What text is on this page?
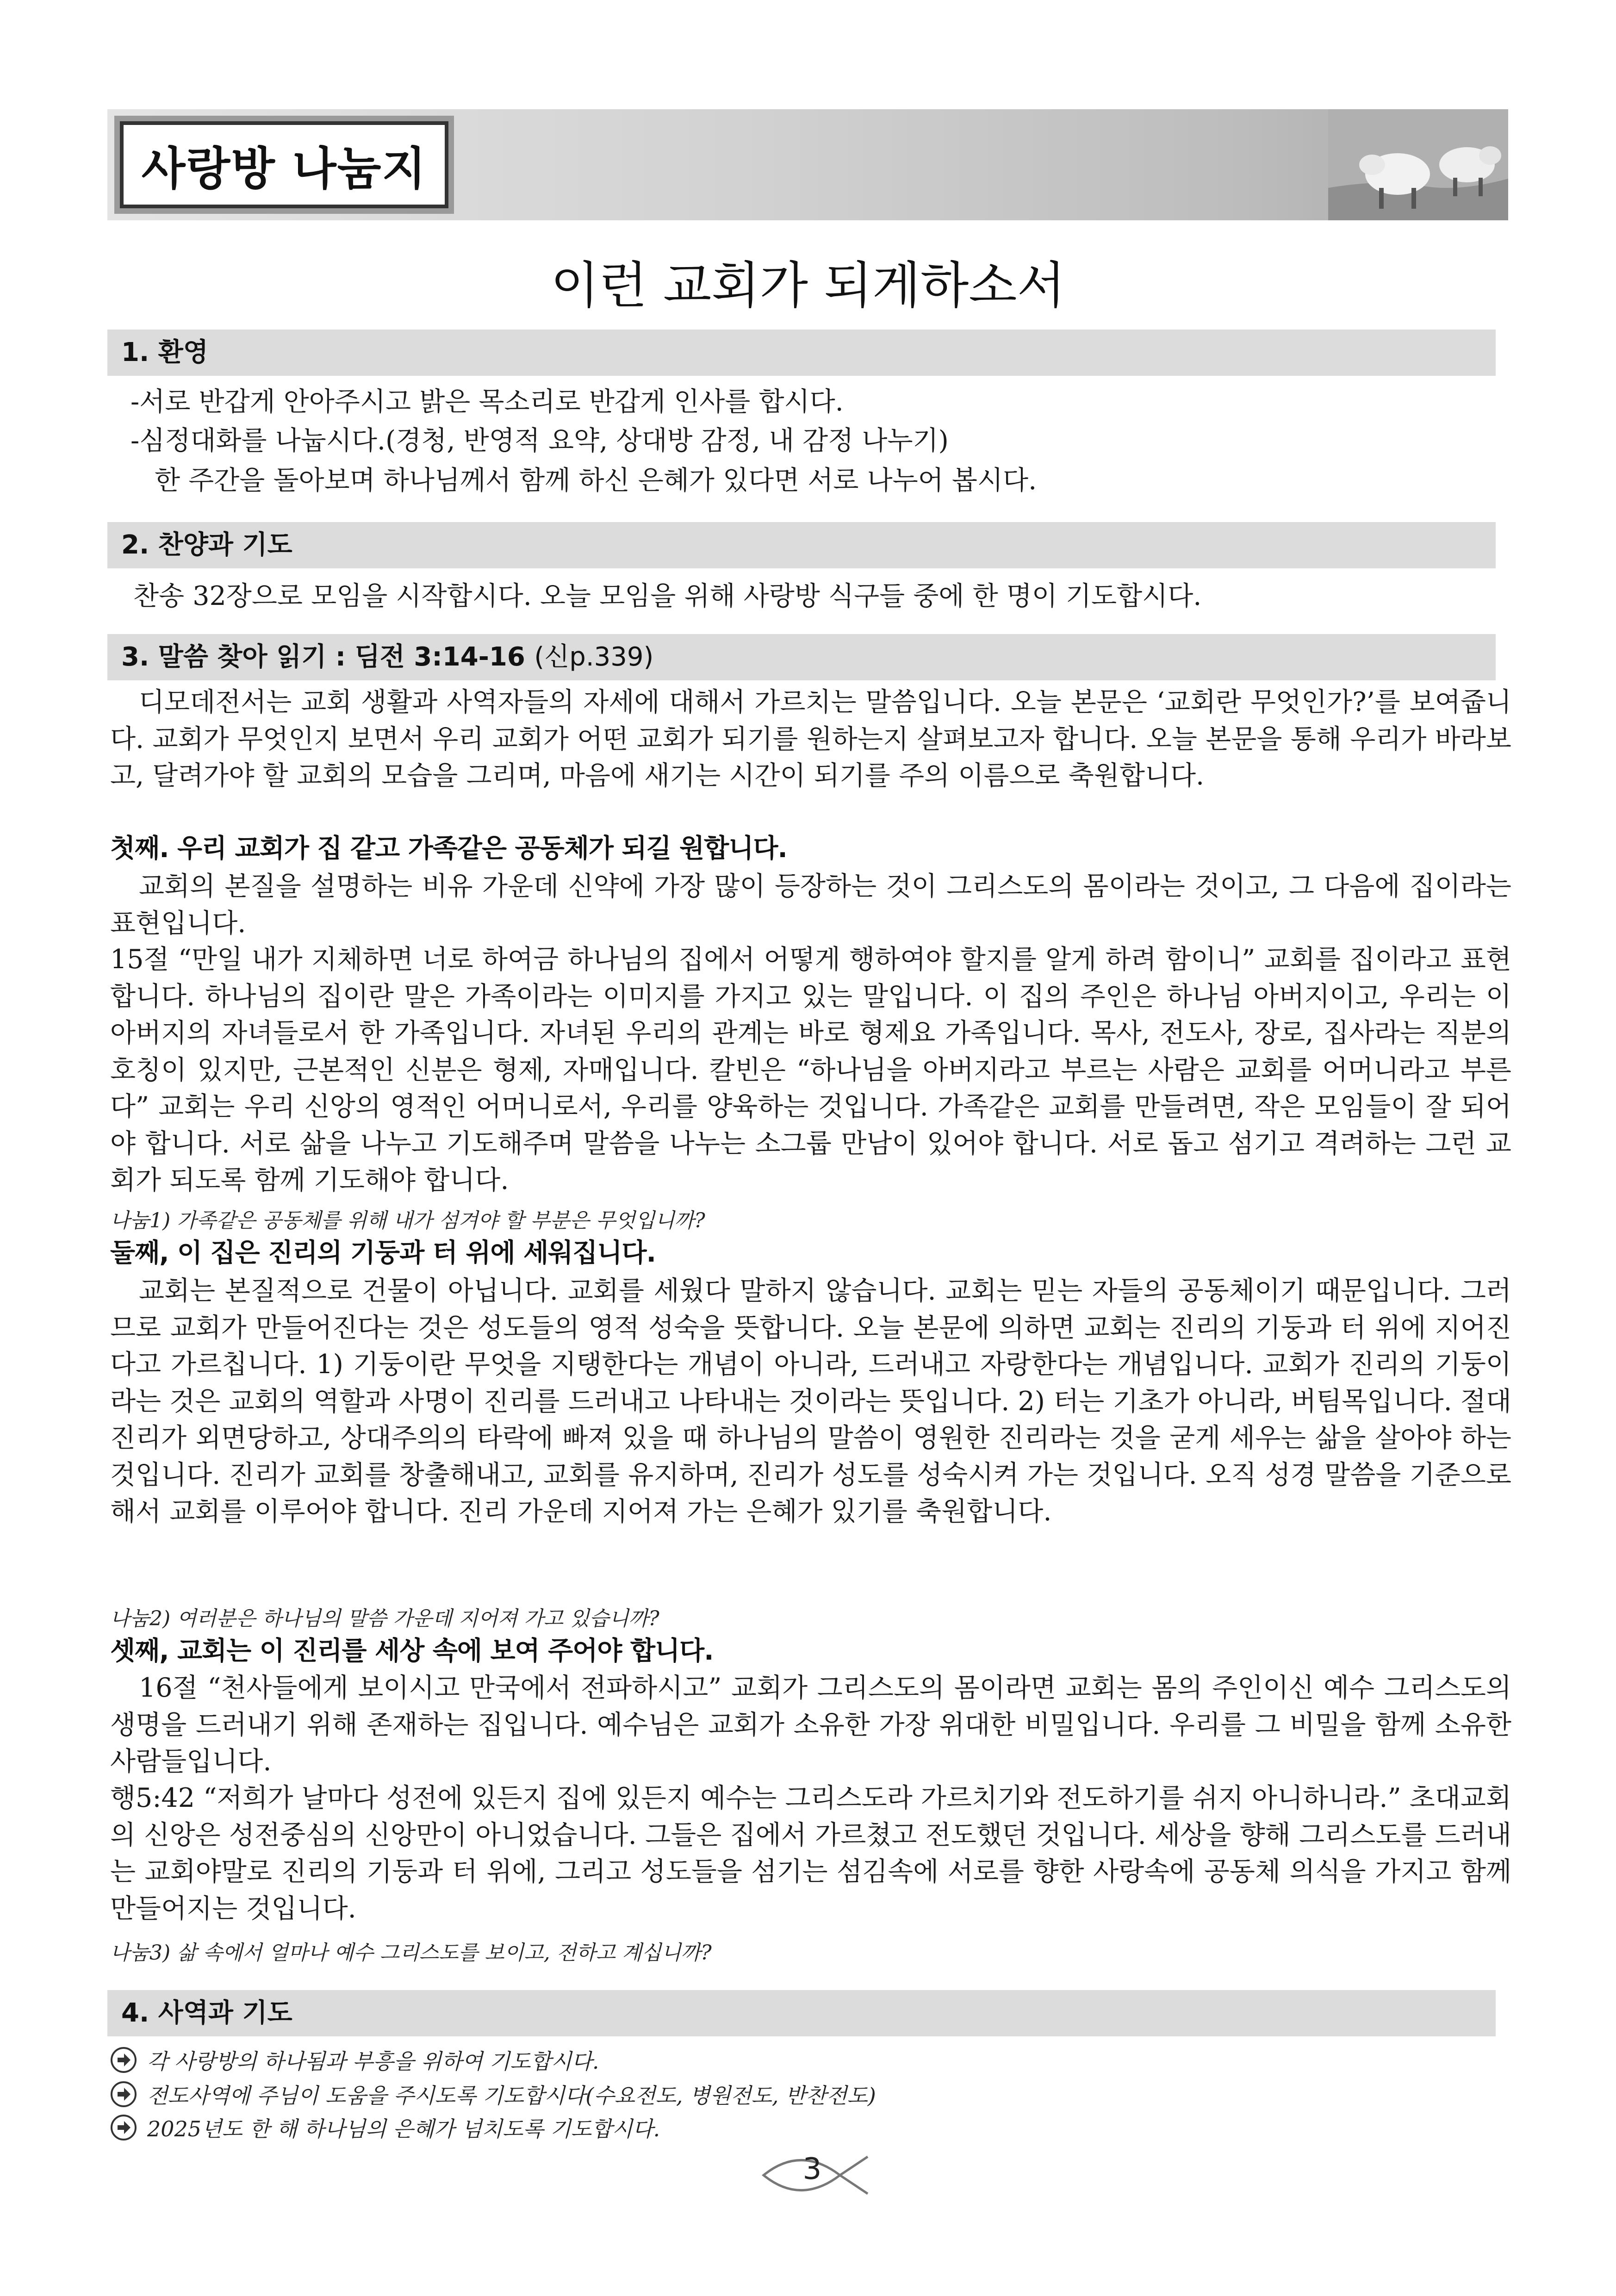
사랑방 나눔지
이런 교회가 되게하소서
1. 환영
-서로 반갑게 안아주시고 밝은 목소리로 반갑게 인사를 합시다.
-심정대화를 나눕시다.(경청, 반영적 요약, 상대방 감정, 내 감정 나누기)
한 주간을 돌아보며 하나님께서 함께 하신 은혜가 있다면 서로 나누어 봅시다.
2. 찬양과 기도
찬송 32장으로 모임을 시작합시다. 오늘 모임을 위해 사랑방 식구들 중에 한 명이 기도합시다.
3. 말씀 찾아 읽기 : 딤전 3:14-16 (신p.339)

디모데전서는 교회 생활과 사역자들의 자세에 대해서 가르치는 말씀입니다. 오늘 본문은 ‘교회란 무엇인가?’를 보여줍니다. 교회가 무엇인지 보면서 우리 교회가 어떤 교회가 되기를 원하는지 살펴보고자 합니다. 오늘 본문을 통해 우리가 바라보고, 달려가야 할 교회의 모습을 그리며, 마음에 새기는 시간이 되기를 주의 이름으로 축원합니다.

첫째. 우리 교회가 집 같고 가족같은 공동체가 되길 원합니다.

교회의 본질을 설명하는 비유 가운데 신약에 가장 많이 등장하는 것이 그리스도의 몸이라는 것이고, 그 다음에 집이라는 표현입니다.

15절 “만일 내가 지체하면 너로 하여금 하나님의 집에서 어떻게 행하여야 할지를 알게 하려 함이니” 교회를 집이라고 표현합니다. 하나님의 집이란 말은 가족이라는 이미지를 가지고 있는 말입니다. 이 집의 주인은 하나님 아버지이고, 우리는 이 아버지의 자녀들로서 한 가족입니다. 자녀된 우리의 관계는 바로 형제요 가족입니다. 목사, 전도사, 장로, 집사라는 직분의 호칭이 있지만, 근본적인 신분은 형제, 자매입니다. 칼빈은 “하나님을 아버지라고 부르는 사람은 교회를 어머니라고 부른다” 교회는 우리 신앙의 영적인 어머니로서, 우리를 양육하는 것입니다. 가족같은 교회를 만들려면, 작은 모임들이 잘 되어야 합니다. 서로 삶을 나누고 기도해주며 말씀을 나누는 소그룹 만남이 있어야 합니다. 서로 돕고 섬기고 격려하는 그런 교회가 되도록 함께 기도해야 합니다.

나눔1) 가족같은 공동체를 위해 내가 섬겨야 할 부분은 무엇입니까?
둘째, 이 집은 진리의 기둥과 터 위에 세워집니다.

교회는 본질적으로 건물이 아닙니다. 교회를 세웠다 말하지 않습니다. 교회는 믿는 자들의 공동체이기 때문입니다. 그러므로 교회가 만들어진다는 것은 성도들의 영적 성숙을 뜻합니다. 오늘 본문에 의하면 교회는 진리의 기둥과 터 위에 지어진다고 가르칩니다. 1) 기둥이란 무엇을 지탱한다는 개념이 아니라, 드러내고 자랑한다는 개념입니다. 교회가 진리의 기둥이라는 것은 교회의 역할과 사명이 진리를 드러내고 나타내는 것이라는 뜻입니다. 2) 터는 기초가 아니라, 버팀목입니다. 절대진리가 외면당하고, 상대주의의 타락에 빠져 있을 때 하나님의 말씀이 영원한 진리라는 것을 굳게 세우는 삶을 살아야 하는 것입니다. 진리가 교회를 창출해내고, 교회를 유지하며, 진리가 성도를 성숙시켜 가는 것입니다. 오직 성경 말씀을 기준으로 해서 교회를 이루어야 합니다. 진리 가운데 지어져 가는 은혜가 있기를 축원합니다.

나눔2) 여러분은 하나님의 말씀 가운데 지어져 가고 있습니까?
셋째, 교회는 이 진리를 세상 속에 보여 주어야 합니다.

16절 “천사들에게 보이시고 만국에서 전파하시고” 교회가 그리스도의 몸이라면 교회는 몸의 주인이신 예수 그리스도의 생명을 드러내기 위해 존재하는 집입니다. 예수님은 교회가 소유한 가장 위대한 비밀입니다. 우리를 그 비밀을 함께 소유한 사람들입니다.

행5:42 “저희가 날마다 성전에 있든지 집에 있든지 예수는 그리스도라 가르치기와 전도하기를 쉬지 아니하니라.” 초대교회의 신앙은 성전중심의 신앙만이 아니었습니다. 그들은 집에서 가르쳤고 전도했던 것입니다. 세상을 향해 그리스도를 드러내는 교회야말로 진리의 기둥과 터 위에, 그리고 성도들을 섬기는 섬김속에 서로를 향한 사랑속에 공동체 의식을 가지고 함께 만들어지는 것입니다.

나눔3) 삶 속에서 얼마나 예수 그리스도를 보이고, 전하고 계십니까?
4. 사역과 기도
각 사랑방의 하나됨과 부흥을 위하여 기도합시다.
전도사역에 주님이 도움을 주시도록 기도합시다(수요전도, 병원전도, 반찬전도)
2025년도 한 해 하나님의 은혜가 넘치도록 기도합시다.
3
